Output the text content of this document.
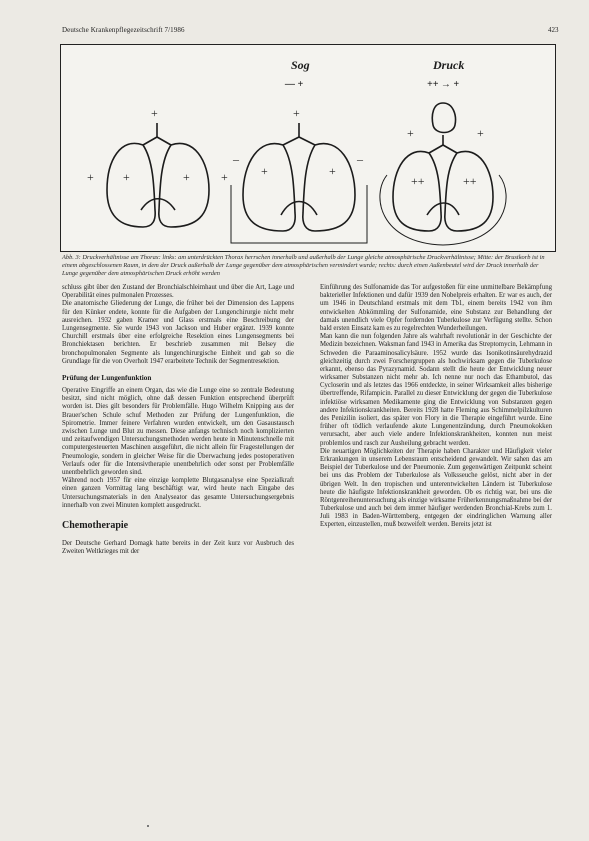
Deutsche Krankenpflegezeitschrift 7/1986	423
+
+
+	+	+
+
+	+
–	–
+	+
++	++
Sog
— +
Druck
++ → +
Abb. 3: Druckverhältnisse am Thorax: links: am unterdrückten Thorax herrschen innerhalb und außerhalb der Lunge gleiche atmosphärische Druckverhältnisse; Mitte: der Brustkorb ist in einem abgeschlossenen Raum, in dem der Druck außerhalb der Lunge gegenüber dem atmosphärischen vermindert wurde; rechts: durch einen Außenbeutel wird der Druck innerhalb der Lunge gegenüber dem atmosphärischen Druck erhöht werden

schluss gibt über den Zustand der Bronchialschleimhaut und über die Art, Lage und Operabilität eines pulmonalen Prozesses.

Die anatomische Gliederung der Lunge, die früher bei der Dimension des Lappens für den Künker endete, konnte für die Aufgaben der Lungenchirurgie nicht mehr ausreichen. 1932 gaben Kramer und Glass erstmals eine Beschreibung der Lungensegmente. Sie wurde 1943 von Jackson und Huber ergänzt. 1939 konnte Churchill erstmals über eine erfolgreiche Resektion eines Lungensegments bei Bronchiektasen berichten. Er beschrieb zusammen mit Belsey die bronchopulmonalen Segmente als lungenchirurgische Einheit und gab so die Grundlage für die von Overholt 1947 erarbeitete Technik der Segmentresektion.

Prüfung der Lungenfunktion

Operative Eingriffe an einem Organ, das wie die Lunge eine so zentrale Bedeutung besitzt, sind nicht möglich, ohne daß dessen Funktion entsprechend überprüft worden ist. Dies gilt besonders für Problemfälle. Hugo Wilhelm Knipping aus der Brauer'schen Schule schuf Methoden zur Prüfung der Lungenfunktion, die Spirometrie. Immer feinere Verfahren wurden entwickelt, um den Gasaustausch zwischen Lunge und Blut zu messen. Diese anfangs technisch noch komplizierten und zeitaufwendigen Untersuchungsmethoden werden heute in Minutenschnelle mit computergesteuerten Maschinen ausgeführt, die nicht allein für Fragestellungen der Pneumologie, sondern in gleicher Weise für die Überwachung jedes postoperativen Verlaufs oder für die Intensivtherapie unentbehrlich oder sonst per Problemfälle unentbehrlich geworden sind.

Während noch 1957 für eine einzige komplette Blutgasanalyse eine Spezialkraft einen ganzen Vormittag lang beschäftigt war, wird heute nach Eingabe des Untersuchungsmaterials in den Analyseator das gesamte Untersuchungsergebnis innerhalb von zwei Minuten komplett ausgedruckt.

Chemotherapie

Der Deutsche Gerhard Domagk hatte bereits in der Zeit kurz vor Ausbruch des Zweiten Weltkrieges mit der

Einführung des Sulfonamide das Tor aufgestoßen für eine unmittelbare Bekämpfung bakterieller Infektionen und dafür 1939 den Nobelpreis erhalten. Er war es auch, der um 1946 in Deutschland erstmals mit dem Tb1, einem bereits 1942 von ihm entwickelten Abkömmling der Sulfonamide, eine Substanz zur Behandlung der damals unendlich viele Opfer fordernden Tuberkulose zur Verfügung stellte. Schon bald ersten Einsatz kam es zu regelrechten Wunderheilungen.

Man kann die nun folgenden Jahre als wahrhaft revolutionär in der Geschichte der Medizin bezeichnen. Waksman fand 1943 in Amerika das Streptomycin, Lehmann in Schweden die Paraaminosalicylsäure. 1952 wurde das Isonikotinsäurehydrazid gleichzeitig durch zwei Forschergruppen als hochwirksam gegen die Tuberkulose erkannt, ebenso das Pyrazynamid. Sodann stellt die heute der Entwicklung neuer wirksamer Substanzen nicht mehr ab. Ich nenne nur noch das Ethambutol, das Cycloserin und als letztes das 1966 entdeckte, in seiner Wirksamkeit alles bisherige übertreffende, Rifampicin. Parallel zu dieser Entwicklung der gegen die Tuberkulose infektiöse wirksamen Medikamente ging die Entwicklung von Substanzen gegen andere Infektionskrankheiten. Bereits 1928 hatte Fleming aus Schimmelpilzkulturen des Penizilin isoliert, das später von Flory in die Therapie eingeführt wurde. Eine früher oft tödlich verlaufende akute Lungenentzündung, durch Pneumokokken verursacht, aber auch viele andere Infektionskrankheiten, konnten nun meist problemlos und rasch zur Ausheilung gebracht werden.

Die neuartigen Möglichkeiten der Therapie haben Charakter und Häufigkeit vieler Erkrankungen in unserem Lebensraum entscheidend gewandelt. Wir sahen das am Beispiel der Tuberkulose und der Pneumonie. Zum gegenwärtigen Zeitpunkt scheint bei uns das Problem der Tuberkulose als Volksseuche gelöst, nicht aber in der übrigen Welt. In den tropischen und unterentwickelten Ländern ist Tuberkulose heute die häufigste Infektionskrankheit geworden. Ob es richtig war, bei uns die Röntgenreihenuntersuchung als einzige wirksame Früherkennungsmaßnahme bei der Tuberkulose und auch bei dem immer häufiger werdenden Bronchial-Krebs zum 1. Juli 1983 in Baden-Württemberg, entgegen der eindringlichen Warnung aller Experten, einzustellen, muß bezweifelt werden. Bereits jetzt ist
